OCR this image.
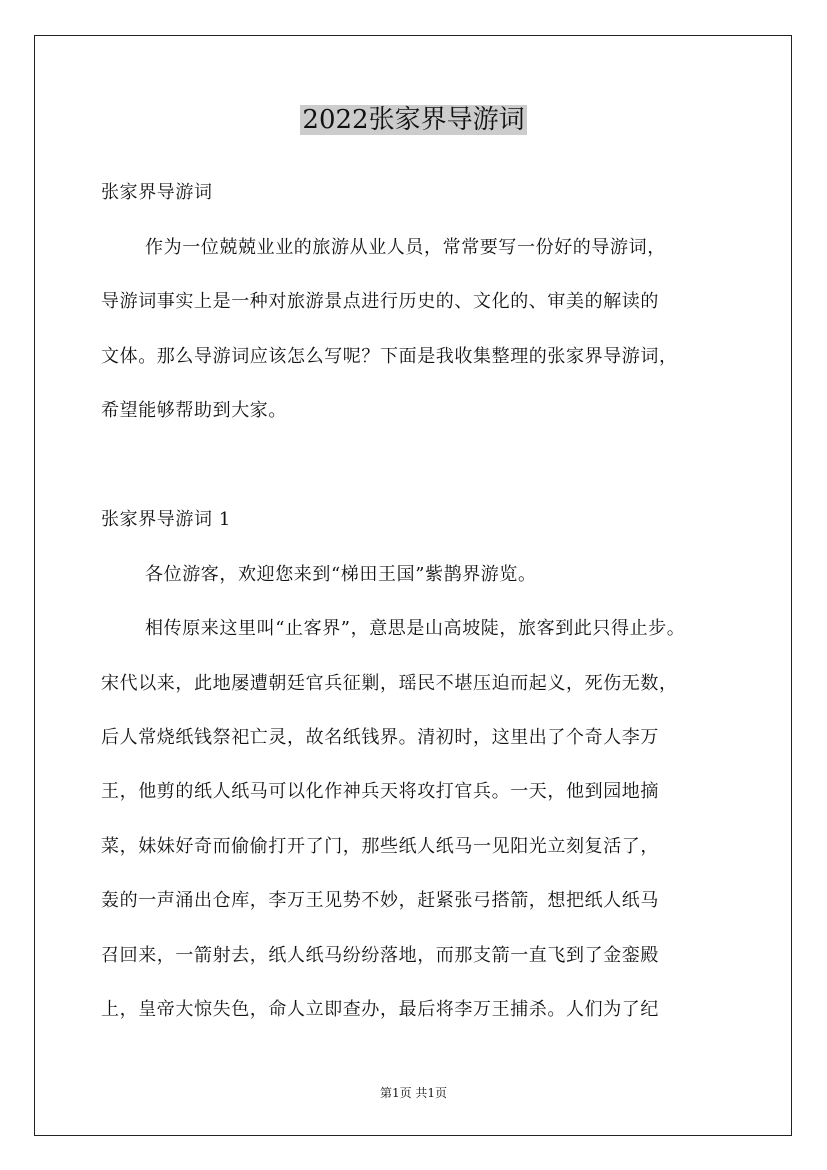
2022张家界导游词
张家界导游词
作为一位兢兢业业的旅游从业人员，常常要写一份好的导游词，
导游词事实上是一种对旅游景点进行历史的、文化的、审美的解读的
文体。那么导游词应该怎么写呢？下面是我收集整理的张家界导游词，
希望能够帮助到大家。
张家界导游词 1
各位游客，欢迎您来到“梯田王国”紫鹊界游览。
相传原来这里叫“止客界”，意思是山高坡陡，旅客到此只得止步。
宋代以来，此地屡遭朝廷官兵征剿，瑶民不堪压迫而起义，死伤无数，
后人常烧纸钱祭祀亡灵，故名纸钱界。清初时，这里出了个奇人李万
王，他剪的纸人纸马可以化作神兵天将攻打官兵。一天，他到园地摘
菜，妹妹好奇而偷偷打开了门，那些纸人纸马一见阳光立刻复活了，
轰的一声涌出仓库，李万王见势不妙，赶紧张弓搭箭，想把纸人纸马
召回来，一箭射去，纸人纸马纷纷落地，而那支箭一直飞到了金銮殿
上，皇帝大惊失色，命人立即查办，最后将李万王捕杀。人们为了纪
第1页 共1页
